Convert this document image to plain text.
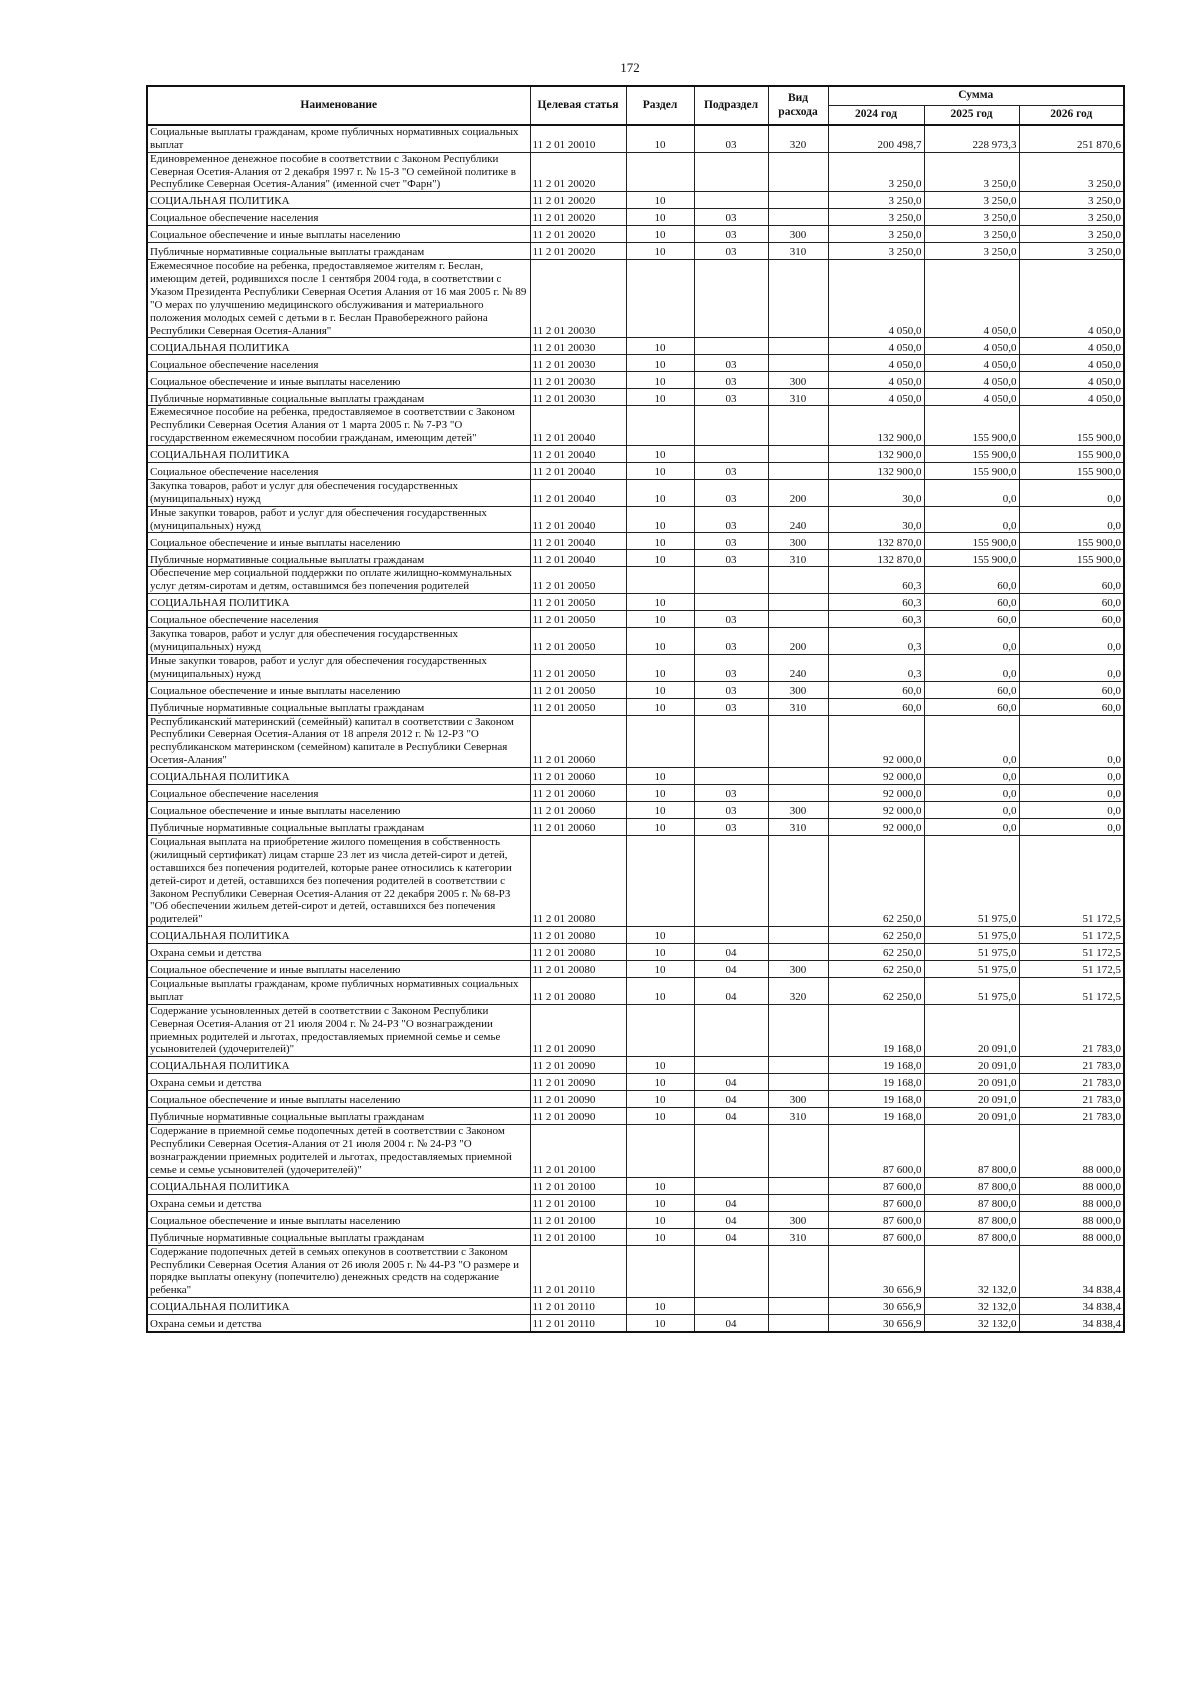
172
Наименование	Целевая статья	Раздел	Подраздел	Вид расхода	Сумма		
					2024 год	2025 год	2026 год
Социальные выплаты гражданам, кроме публичных нормативных социальных выплат	11 2 01 20010	10	03	320	200 498,7	228 973,3	251 870,6
Единовременное денежное пособие в соответствии с Законом Республики Северная Осетия-Алания от 2 декабря 1997 г. № 15-З "О семейной политике в Республике Северная Осетия-Алания" (именной счет "Фарн")	11 2 01 20020				3 250,0	3 250,0	3 250,0
СОЦИАЛЬНАЯ ПОЛИТИКА	11 2 01 20020	10			3 250,0	3 250,0	3 250,0
Социальное обеспечение населения	11 2 01 20020	10	03		3 250,0	3 250,0	3 250,0
Социальное обеспечение и иные выплаты населению	11 2 01 20020	10	03	300	3 250,0	3 250,0	3 250,0
Публичные нормативные социальные выплаты гражданам	11 2 01 20020	10	03	310	3 250,0	3 250,0	3 250,0
Ежемесячное пособие на ребенка, предоставляемое жителям г. Беслан, имеющим детей, родившихся после 1 сентября 2004 года, в соответствии с Указом Президента Республики Северная Осетия Алания от 16 мая 2005 г. № 89 "О мерах по улучшению медицинского обслуживания и материального положения молодых семей с детьми в г. Беслан Правобережного района Республики Северная Осетия-Алания"	11 2 01 20030				4 050,0	4 050,0	4 050,0
СОЦИАЛЬНАЯ ПОЛИТИКА	11 2 01 20030	10			4 050,0	4 050,0	4 050,0
Социальное обеспечение населения	11 2 01 20030	10	03		4 050,0	4 050,0	4 050,0
Социальное обеспечение и иные выплаты населению	11 2 01 20030	10	03	300	4 050,0	4 050,0	4 050,0
Публичные нормативные социальные выплаты гражданам	11 2 01 20030	10	03	310	4 050,0	4 050,0	4 050,0
Ежемесячное пособие на ребенка, предоставляемое в соответствии с Законом Республики Северная Осетия Алания от 1 марта 2005 г. № 7-РЗ "О государственном ежемесячном пособии гражданам, имеющим детей"	11 2 01 20040				132 900,0	155 900,0	155 900,0
СОЦИАЛЬНАЯ ПОЛИТИКА	11 2 01 20040	10			132 900,0	155 900,0	155 900,0
Социальное обеспечение населения	11 2 01 20040	10	03		132 900,0	155 900,0	155 900,0
Закупка товаров, работ и услуг для обеспечения государственных (муниципальных) нужд	11 2 01 20040	10	03	200	30,0	0,0	0,0
Иные закупки товаров, работ и услуг для обеспечения государственных (муниципальных) нужд	11 2 01 20040	10	03	240	30,0	0,0	0,0
Социальное обеспечение и иные выплаты населению	11 2 01 20040	10	03	300	132 870,0	155 900,0	155 900,0
Публичные нормативные социальные выплаты гражданам	11 2 01 20040	10	03	310	132 870,0	155 900,0	155 900,0
Обеспечение мер социальной поддержки по оплате жилищно-коммунальных услуг детям-сиротам и детям, оставшимся без попечения родителей	11 2 01 20050				60,3	60,0	60,0
СОЦИАЛЬНАЯ ПОЛИТИКА	11 2 01 20050	10			60,3	60,0	60,0
Социальное обеспечение населения	11 2 01 20050	10	03		60,3	60,0	60,0
Закупка товаров, работ и услуг для обеспечения государственных (муниципальных) нужд	11 2 01 20050	10	03	200	0,3	0,0	0,0
Иные закупки товаров, работ и услуг для обеспечения государственных (муниципальных) нужд	11 2 01 20050	10	03	240	0,3	0,0	0,0
Социальное обеспечение и иные выплаты населению	11 2 01 20050	10	03	300	60,0	60,0	60,0
Публичные нормативные социальные выплаты гражданам	11 2 01 20050	10	03	310	60,0	60,0	60,0
Республиканский материнский (семейный) капитал в соответствии с Законом Республики Северная Осетия-Алания от 18 апреля 2012 г. № 12-РЗ "О республиканском материнском (семейном) капитале в Республики Северная Осетия-Алания"	11 2 01 20060				92 000,0	0,0	0,0
СОЦИАЛЬНАЯ ПОЛИТИКА	11 2 01 20060	10			92 000,0	0,0	0,0
Социальное обеспечение населения	11 2 01 20060	10	03		92 000,0	0,0	0,0
Социальное обеспечение и иные выплаты населению	11 2 01 20060	10	03	300	92 000,0	0,0	0,0
Публичные нормативные социальные выплаты гражданам	11 2 01 20060	10	03	310	92 000,0	0,0	0,0
Социальная выплата на приобретение жилого помещения в собственность (жилищный сертификат) лицам старше 23 лет из числа детей-сирот и детей, оставшихся без попечения родителей, которые ранее относились к категории детей-сирот и детей, оставшихся без попечения родителей в соответствии с Законом Республики Северная Осетия-Алания от 22 декабря 2005 г. № 68-РЗ "Об обеспечении жильем детей-сирот и детей, оставшихся без попечения родителей"	11 2 01 20080				62 250,0	51 975,0	51 172,5
СОЦИАЛЬНАЯ ПОЛИТИКА	11 2 01 20080	10			62 250,0	51 975,0	51 172,5
Охрана семьи и детства	11 2 01 20080	10	04		62 250,0	51 975,0	51 172,5
Социальное обеспечение и иные выплаты населению	11 2 01 20080	10	04	300	62 250,0	51 975,0	51 172,5
Социальные выплаты гражданам, кроме публичных нормативных социальных выплат	11 2 01 20080	10	04	320	62 250,0	51 975,0	51 172,5
Содержание усыновленных детей в соответствии с Законом Республики Северная Осетия-Алания от 21 июля 2004 г. № 24-РЗ "О вознаграждении приемных родителей и льготах, предоставляемых приемной семье и семье усыновителей (удочерителей)"	11 2 01 20090				19 168,0	20 091,0	21 783,0
СОЦИАЛЬНАЯ ПОЛИТИКА	11 2 01 20090	10			19 168,0	20 091,0	21 783,0
Охрана семьи и детства	11 2 01 20090	10	04		19 168,0	20 091,0	21 783,0
Социальное обеспечение и иные выплаты населению	11 2 01 20090	10	04	300	19 168,0	20 091,0	21 783,0
Публичные нормативные социальные выплаты гражданам	11 2 01 20090	10	04	310	19 168,0	20 091,0	21 783,0
Содержание в приемной семье подопечных детей в соответствии с Законом Республики Северная Осетия-Алания от 21 июля 2004 г. № 24-РЗ "О вознаграждении приемных родителей и льготах, предоставляемых приемной семье и семье усыновителей (удочерителей)"	11 2 01 20100				87 600,0	87 800,0	88 000,0
СОЦИАЛЬНАЯ ПОЛИТИКА	11 2 01 20100	10			87 600,0	87 800,0	88 000,0
Охрана семьи и детства	11 2 01 20100	10	04		87 600,0	87 800,0	88 000,0
Социальное обеспечение и иные выплаты населению	11 2 01 20100	10	04	300	87 600,0	87 800,0	88 000,0
Публичные нормативные социальные выплаты гражданам	11 2 01 20100	10	04	310	87 600,0	87 800,0	88 000,0
Содержание подопечных детей в семьях опекунов в соответствии с Законом Республики Северная Осетия Алания от 26 июля 2005 г. № 44-РЗ "О размере и порядке выплаты опекуну (попечителю) денежных средств на содержание ребенка"	11 2 01 20110				30 656,9	32 132,0	34 838,4
СОЦИАЛЬНАЯ ПОЛИТИКА	11 2 01 20110	10			30 656,9	32 132,0	34 838,4
Охрана семьи и детства	11 2 01 20110	10	04		30 656,9	32 132,0	34 838,4
